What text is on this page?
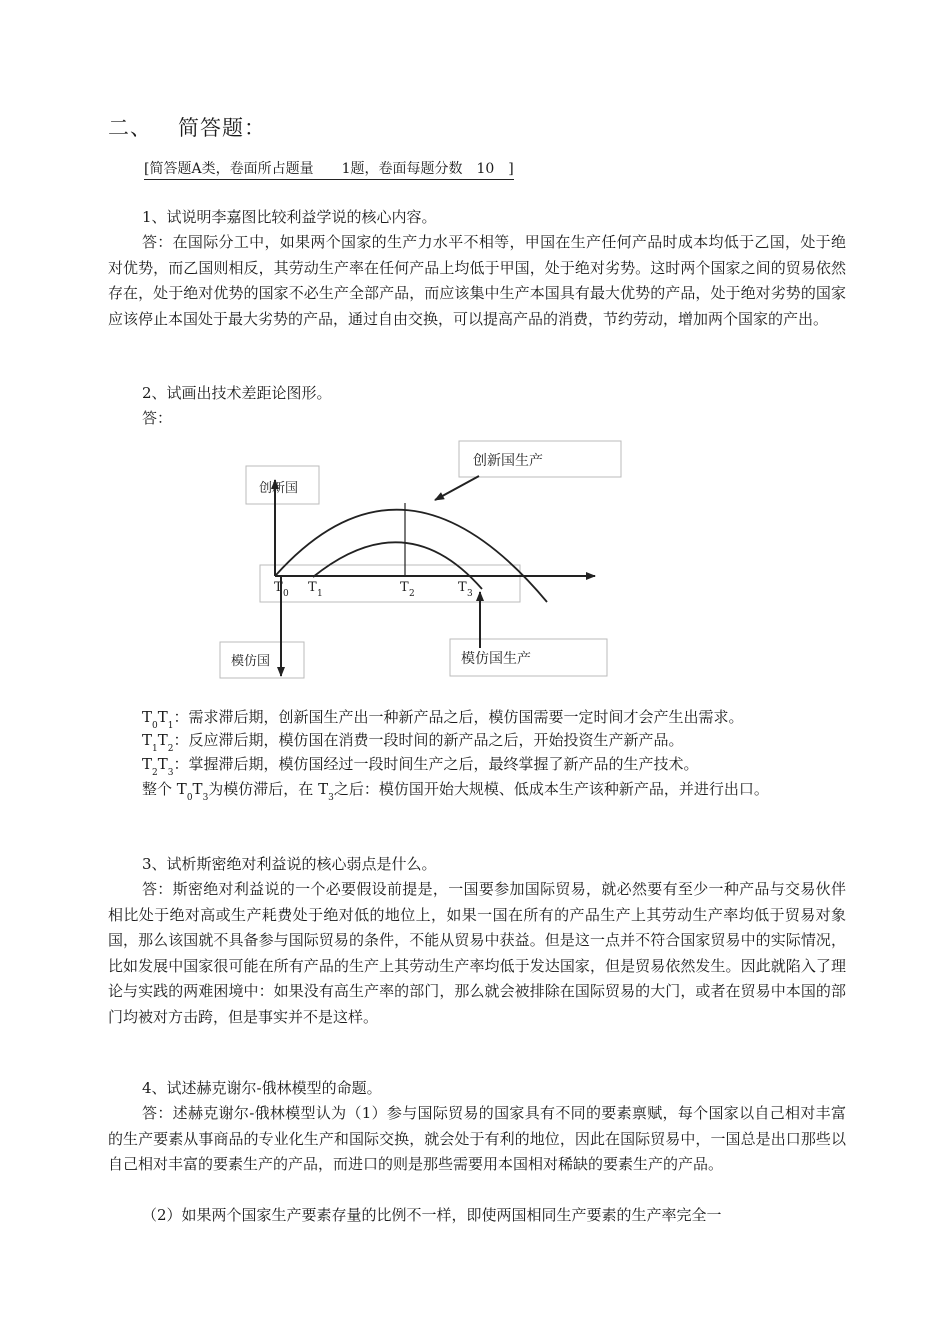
二、 简答题：
[简答题A类，卷面所占题量　　1题，卷面每题分数　10　]
1、试说明李嘉图比较利益学说的核心内容。

答：在国际分工中，如果两个国家的生产力水平不相等，甲国在生产任何产品时成本均低于乙国，处于绝对优势，而乙国则相反，其劳动生产率在任何产品上均低于甲国，处于绝对劣势。这时两个国家之间的贸易依然存在，处于绝对优势的国家不必生产全部产品，而应该集中生产本国具有最大优势的产品，处于绝对劣势的国家应该停止本国处于最大劣势的产品，通过自由交换，可以提高产品的消费，节约劳动，增加两个国家的产出。

2、试画出技术差距论图形。
答：
创新国
创新国生产
模仿国	模仿国生产
T 0 T 1	T 2	T 3
$T_0T_1$：需求滞后期，创新国生产出一种新产品之后，模仿国需要一定时间才会产生出需求。
$T_1T_2$：反应滞后期，模仿国在消费一段时间的新产品之后，开始投资生产新产品。
$T_2T_3$：掌握滞后期，模仿国经过一段时间生产之后，最终掌握了新产品的生产技术。

整个 $T_0T_3$为模仿滞后，在 $T_3$之后：模仿国开始大规模、低成本生产该种新产品，并进行出口。

3、试析斯密绝对利益说的核心弱点是什么。

答：斯密绝对利益说的一个必要假设前提是，一国要参加国际贸易，就必然要有至少一种产品与交易伙伴相比处于绝对高或生产耗费处于绝对低的地位上，如果一国在所有的产品生产上其劳动生产率均低于贸易对象国，那么该国就不具备参与国际贸易的条件，不能从贸易中获益。但是这一点并不符合国家贸易中的实际情况，比如发展中国家很可能在所有产品的生产上其劳动生产率均低于发达国家，但是贸易依然发生。因此就陷入了理论与实践的两难困境中：如果没有高生产率的部门，那么就会被排除在国际贸易的大门，或者在贸易中本国的部门均被对方击跨，但是事实并不是这样。

4、试述赫克谢尔-俄林模型的命题。

答：述赫克谢尔-俄林模型认为（1）参与国际贸易的国家具有不同的要素禀赋，每个国家以自己相对丰富的生产要素从事商品的专业化生产和国际交换，就会处于有利的地位，因此在国际贸易中，一国总是出口那些以自己相对丰富的要素生产的产品，而进口的则是那些需要用本国相对稀缺的要素生产的产品。

（2）如果两个国家生产要素存量的比例不一样，即使两国相同生产要素的生产率完全一
